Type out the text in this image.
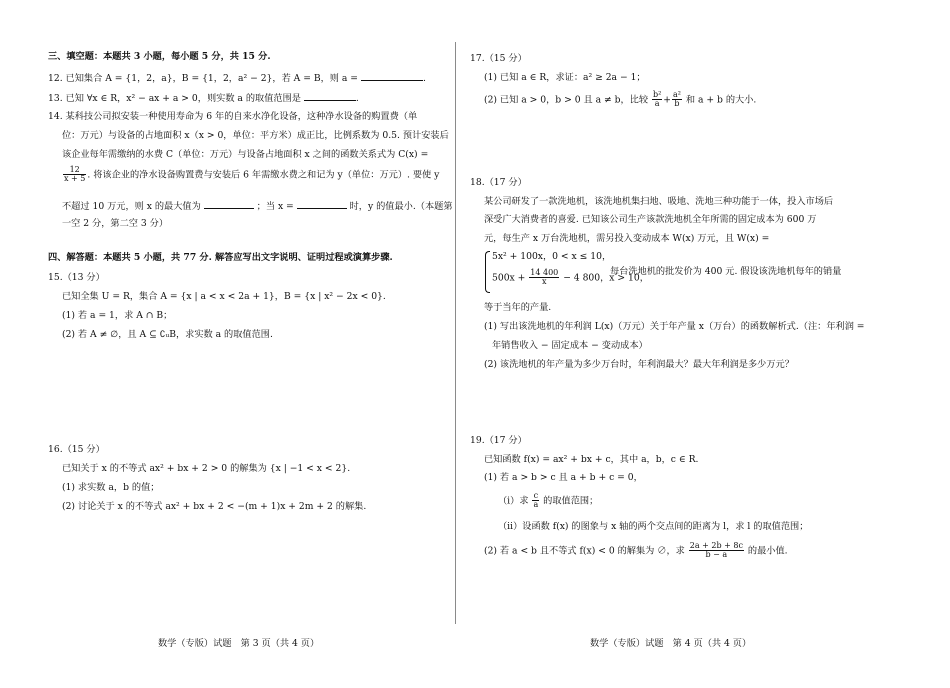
三、填空题：本题共 3 小题，每小题 5 分，共 15 分.
12. 已知集合 A = {1，2，a}，B = {1，2，a² − 2}，若 A = B，则 a =	.
13. 已知 ∀x ∈ R，x² − ax + a > 0，则实数 a 的取值范围是	.
14. 某科技公司拟安装一种使用寿命为 6 年的自来水净化设备，这种净水设备的购置费（单
位：万元）与设备的占地面积 x（x > 0，单位：平方米）成正比，比例系数为 0.5. 预计安装后
该企业每年需缴纳的水费 C（单位：万元）与设备占地面积 x 之间的函数关系式为 C(x) =
$\frac{12}{x + 5}$ . 将该企业的净水设备购置费与安装后 6 年需缴水费之和记为 y（单位：万元）. 要使 y
不超过 10 万元，则 x 的最大值为	；当 x =	时，y 的值最小.（本题第
一空 2 分，第二空 3 分）
四、解答题：本题共 5 小题，共 77 分. 解答应写出文字说明、证明过程或演算步骤.
15.（13 分）
已知全集 U = R，集合 A = {x | a < x < 2a + 1}，B = {x | x² − 2x < 0}.
(1) 若 a = 1，求 A ∩ B；
(2) 若 A ≠ ∅，且 A ⊆ ∁ᵤB，求实数 a 的取值范围.
16.（15 分）
已知关于 x 的不等式 ax² + bx + 2 > 0 的解集为 {x | −1 < x < 2}.
(1) 求实数 a，b 的值；
(2) 讨论关于 x 的不等式 ax² + bx + 2 < −(m + 1)x + 2m + 2 的解集.
数学（专版）试题　第 3 页（共 4 页）
17.（15 分）
(1) 已知 a ∈ R，求证：a² ≥ 2a − 1；
(2) 已知 a > 0，b > 0 且 a ≠ b，比较 $\frac{\text{b²}}{a} + \frac{\text{a²}}{b}$ 和 a + b 的大小.
18.（17 分）
某公司研发了一款洗地机，该洗地机集扫地、吸地、洗地三种功能于一体，投入市场后
深受广大消费者的喜爱. 已知该公司生产该款洗地机全年所需的固定成本为 600 万
元，每生产 x 万台洗地机，需另投入变动成本 W(x) 万元，且 W(x) =
5x² + 100x，0 < x ≤ 10，
$500x + \frac{14 400}{x} - 4$ 800，x > 10，
每台洗地机的批发价为 400 元. 假设该洗地机每年的销量
等于当年的产量.
(1) 写出该洗地机的年利润 L(x)（万元）关于年产量 x（万台）的函数解析式.（注：年利润 =
年销售收入 − 固定成本 − 变动成本）
(2) 该洗地机的年产量为多少万台时，年利润最大？最大年利润是多少万元？
19.（17 分）
已知函数 f(x) = ax² + bx + c，其中 a，b，c ∈ R.
(1) 若 a > b > c 且 a + b + c = 0，
（ⅰ）求 $\frac{c}{a}$ 的取值范围；
（ⅱ）设函数 f(x) 的图象与 x 轴的两个交点间的距离为 l，求 l 的取值范围；
(2) 若 a < b 且不等式 f(x) < 0 的解集为 ∅，求 $\frac{2a + 2b + 8c}{b - a}$ 的最小值.
数学（专版）试题　第 4 页（共 4 页）
